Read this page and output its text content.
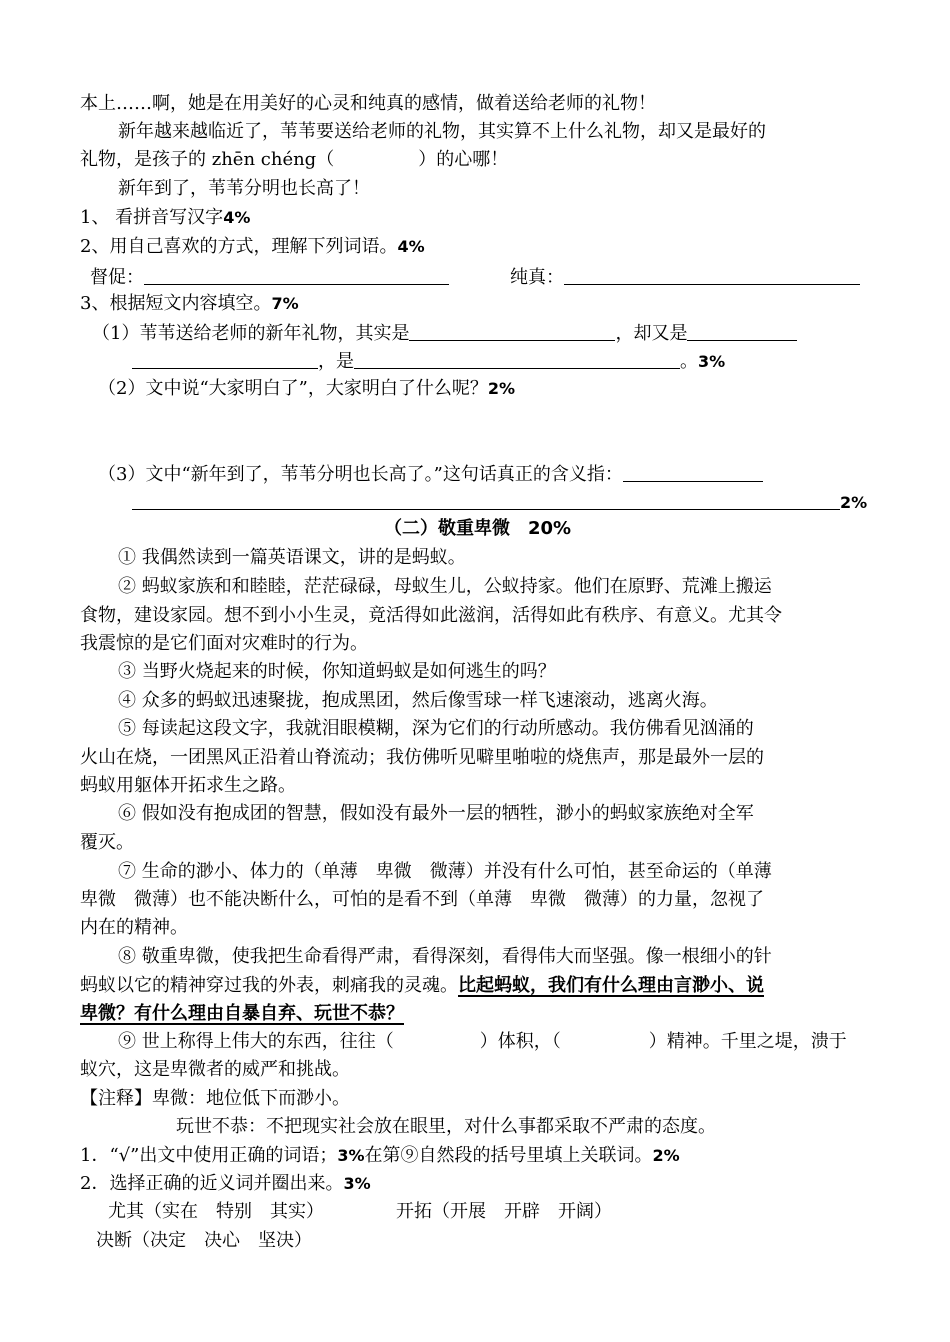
本上……啊，她是在用美好的心灵和纯真的感情，做着送给老师的礼物！
新年越来越临近了，苇苇要送给老师的礼物，其实算不上什么礼物，却又是最好的
礼物，是孩子的 zhēn chéng（	）的心哪！
新年到了，苇苇分明也长高了！
1、 看拼音写汉字4%
2、用自己喜欢的方式，理解下列词语。4%
督促：	纯真：
3、根据短文内容填空。7%
（1）苇苇送给老师的新年礼物，其实是	，却又是
，是	。3%
（2）文中说“大家明白了”，大家明白了什么呢？2%
（3）文中“新年到了，苇苇分明也长高了。”这句话真正的含义指：
2%
（二）敬重卑微　20%
① 我偶然读到一篇英语课文，讲的是蚂蚁。
② 蚂蚁家族和和睦睦，茫茫碌碌，母蚁生儿，公蚁持家。他们在原野、荒滩上搬运
食物，建设家园。想不到小小生灵，竟活得如此滋润，活得如此有秩序、有意义。尤其令
我震惊的是它们面对灾难时的行为。
③ 当野火烧起来的时候，你知道蚂蚁是如何逃生的吗？
④ 众多的蚂蚁迅速聚拢，抱成黑团，然后像雪球一样飞速滚动，逃离火海。
⑤ 每读起这段文字，我就泪眼模糊，深为它们的行动所感动。我仿佛看见汹涌的
火山在烧，一团黑风正沿着山脊流动；我仿佛听见噼里啪啦的烧焦声，那是最外一层的
蚂蚁用躯体开拓求生之路。
⑥ 假如没有抱成团的智慧，假如没有最外一层的牺牲，渺小的蚂蚁家族绝对全军
覆灭。
⑦ 生命的渺小、体力的（单薄　卑微　微薄）并没有什么可怕，甚至命运的（单薄
卑微　微薄）也不能决断什么，可怕的是看不到（单薄　卑微　微薄）的力量，忽视了
内在的精神。
⑧ 敬重卑微，使我把生命看得严肃，看得深刻，看得伟大而坚强。像一根细小的针
蚂蚁以它的精神穿过我的外表，刺痛我的灵魂。比起蚂蚁，我们有什么理由言渺小、说
卑微？有什么理由自暴自弃、玩世不恭？
⑨ 世上称得上伟大的东西，往往（	）体积，（	）精神。千里之堤，溃于
蚁穴，这是卑微者的威严和挑战。
【注释】卑微：地位低下而渺小。
玩世不恭：不把现实社会放在眼里，对什么事都采取不严肃的态度。
1．“√”出文中使用正确的词语；3%在第⑨自然段的括号里填上关联词。2%
2．选择正确的近义词并圈出来。3%
尤其（实在　特别　其实）	开拓（开展　开辟　开阔）
决断（决定　决心　坚决）
